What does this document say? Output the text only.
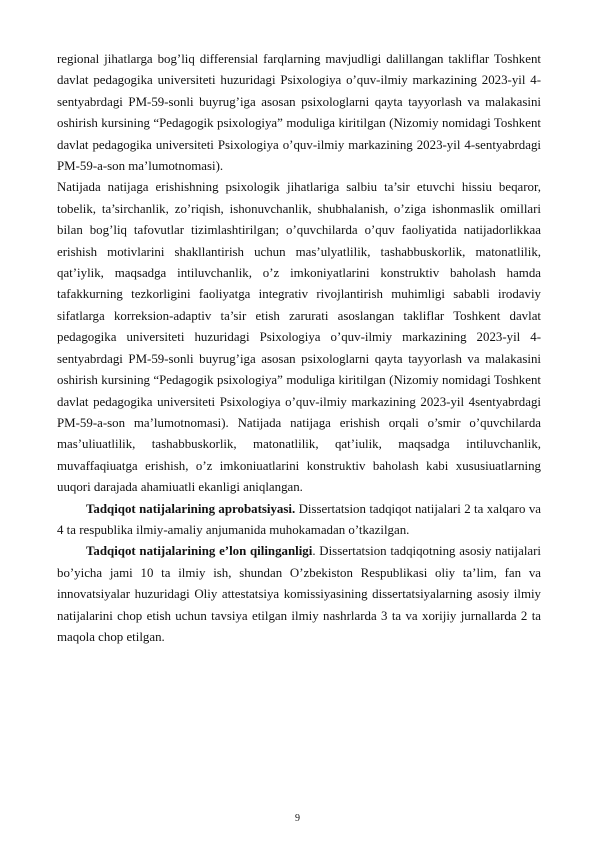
regional jihatlarga bog’liq differensial farqlarning mavjudligi dalillangan takliflar Toshkent davlat pedagogika universiteti huzuridagi Psixologiya o’quv-ilmiy markazining 2023-yil 4-sentyabrdagi PM-59-sonli buyrug’iga asosan psixologlarni qayta tayyorlash va malakasini oshirish kursining “Pedagogik psixologiya” moduliga kiritilgan (Nizomiy nomidagi Toshkent davlat pedagogika universiteti Psixologiya o’quv-ilmiy markazining 2023-yil 4-sentyabrdagi PM-59-a-son ma’lumotnomasi).

Natijada natijaga erishishning psixologik jihatlariga salbiu ta’sir etuvchi hissiu beqaror, tobelik, ta’sirchanlik, zo’riqish, ishonuvchanlik, shubhalanish, o’ziga ishonmaslik omillari bilan bog’liq tafovutlar tizimlashtirilgan; o’quvchilarda o’quv faoliyatida natijadorlikkaa erishish motivlarini shakllantirish uchun mas’ulyatlilik, tashabbuskorlik, matonatlilik, qat’iylik, maqsadga intiluvchanlik, o’z imkoniyatlarini konstruktiv baholash hamda tafakkurning tezkorligini faoliyatga integrativ rivojlantirish muhimligi sababli irodaviy sifatlarga korreksion-adaptiv ta’sir etish zarurati asoslangan takliflar Toshkent davlat pedagogika universiteti huzuridagi Psixologiya o’quv-ilmiy markazining 2023-yil 4-sentyabrdagi PM-59-sonli buyrug’iga asosan psixologlarni qayta tayyorlash va malakasini oshirish kursining “Pedagogik psixologiya” moduliga kiritilgan (Nizomiy nomidagi Toshkent davlat pedagogika universiteti Psixologiya o’quv-ilmiy markazining 2023-yil 4sentyabrdagi PM-59-a-son ma’lumotnomasi). Natijada natijaga erishish orqali o’smir o’quvchilarda mas’uliuatlilik, tashabbuskorlik, matonatlilik, qat’iulik, maqsadga intiluvchanlik, muvaffaqiuatga erishish, o’z imkoniuatlarini konstruktiv baholash kabi xususiuatlarning uuqori darajada ahamiuatli ekanligi aniqlangan.

Tadqiqot natijalarining aprobatsiyasi. Dissertatsion tadqiqot natijalari 2 ta xalqaro va 4 ta respublika ilmiy-amaliy anjumanida muhokamadan o’tkazilgan.

Tadqiqot natijalarining e’lon qilinganligi. Dissertatsion tadqiqotning asosiy natijalari bo’yicha jami 10 ta ilmiy ish, shundan O’zbekiston Respublikasi oliy ta’lim, fan va innovatsiyalar huzuridagi Oliy attestatsiya komissiyasining dissertatsiyalarning asosiy ilmiy natijalarini chop etish uchun tavsiya etilgan ilmiy nashrlarda 3 ta va xorijiy jurnallarda 2 ta maqola chop etilgan.

9
